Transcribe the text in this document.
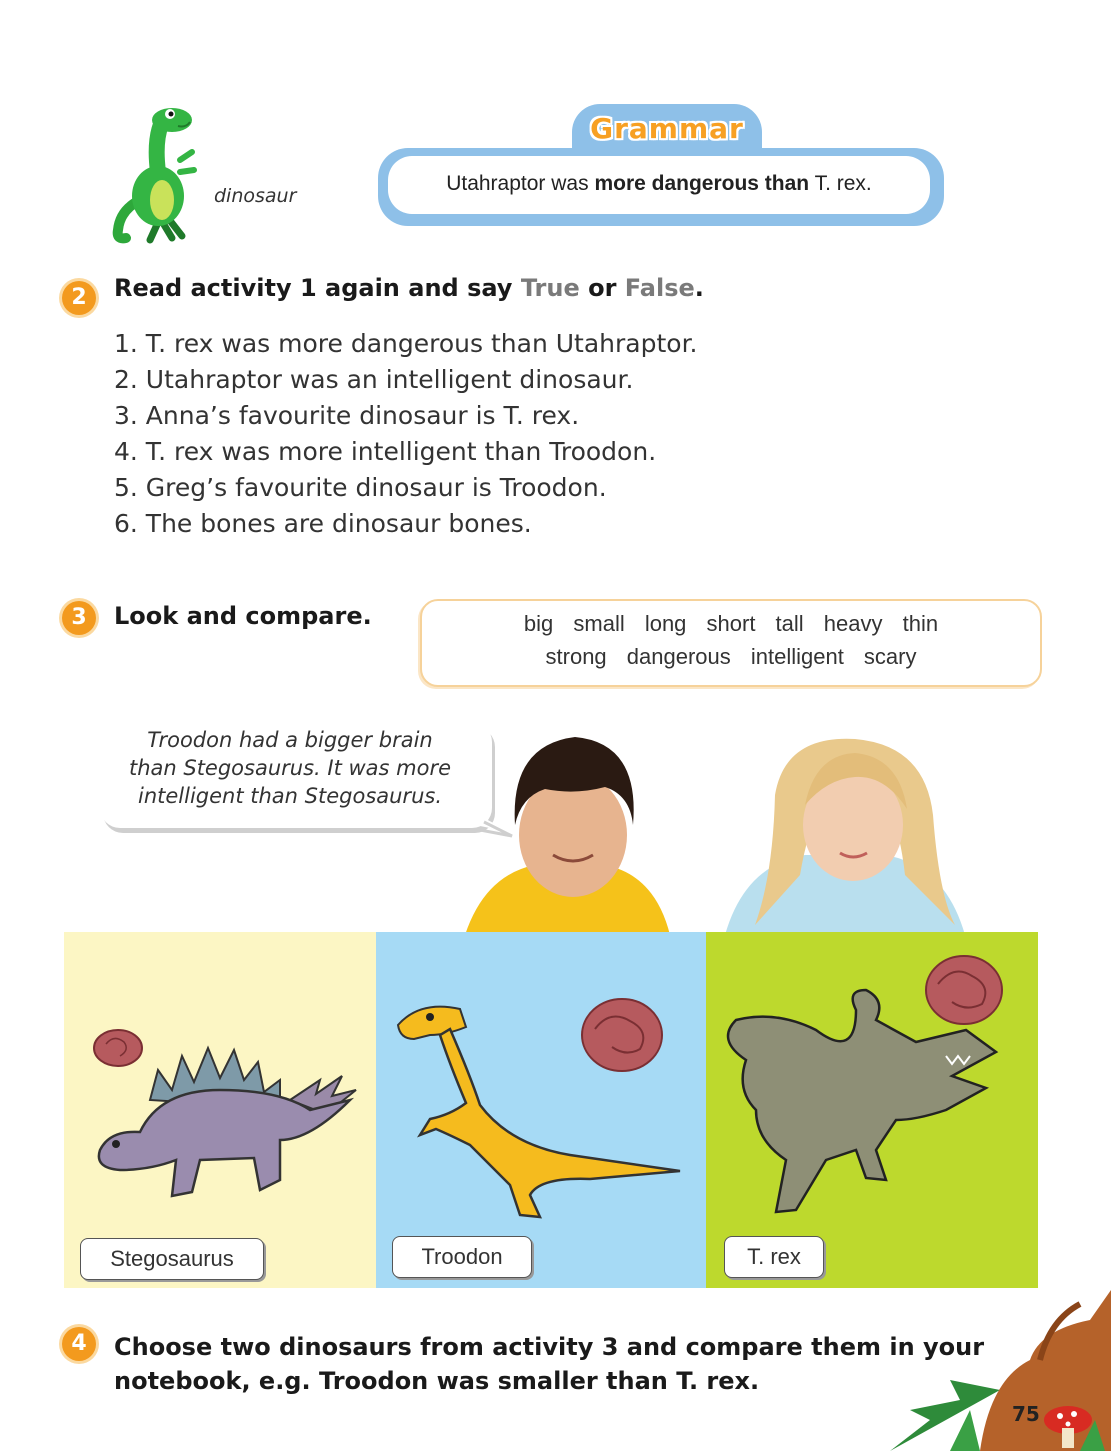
dinosaur
Grammar
Utahraptor was more dangerous than T. rex.
2	Read activity 1 again and say True or False.
1. T. rex was more dangerous than Utahraptor.
2. Utahraptor was an intelligent dinosaur.
3. Anna’s favourite dinosaur is T. rex.
4. T. rex was more intelligent than Troodon.
5. Greg’s favourite dinosaur is Troodon.
6. The bones are dinosaur bones.
3	Look and compare.	big small long short tall heavy thin
strong dangerous intelligent scary
Troodon had a bigger brain
than Stegosaurus. It was more
intelligent than Stegosaurus.
Stegosaurus	Troodon	T. rex
4	Choose two dinosaurs from activity 3 and compare them in your
notebook, e.g. Troodon was smaller than T. rex.
75
